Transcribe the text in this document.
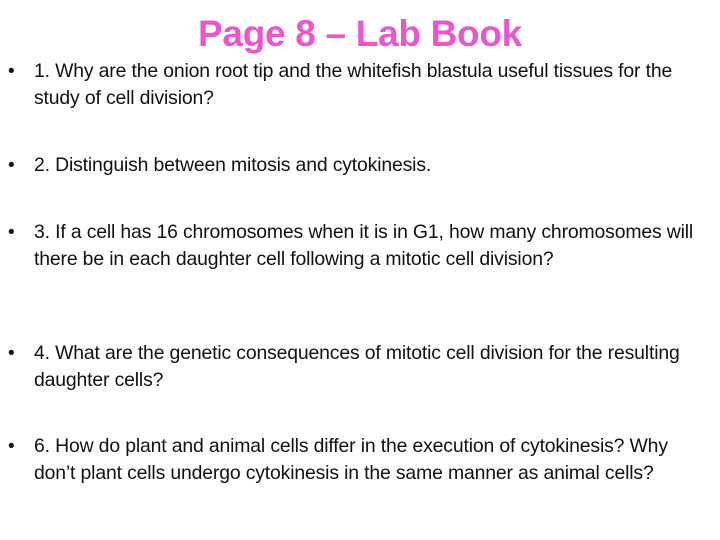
Page 8 – Lab Book
• 1. Why are the onion root tip and the whitefish blastula useful tissues for the study of cell division?
• 2. Distinguish between mitosis and cytokinesis.
• 3. If a cell has 16 chromosomes when it is in G1, how many chromosomes will there be in each daughter cell following a mitotic cell division?
• 4. What are the genetic consequences of mitotic cell division for the resulting daughter cells?
• 6. How do plant and animal cells differ in the execution of cytokinesis? Why don’t plant cells undergo cytokinesis in the same manner as animal cells?
